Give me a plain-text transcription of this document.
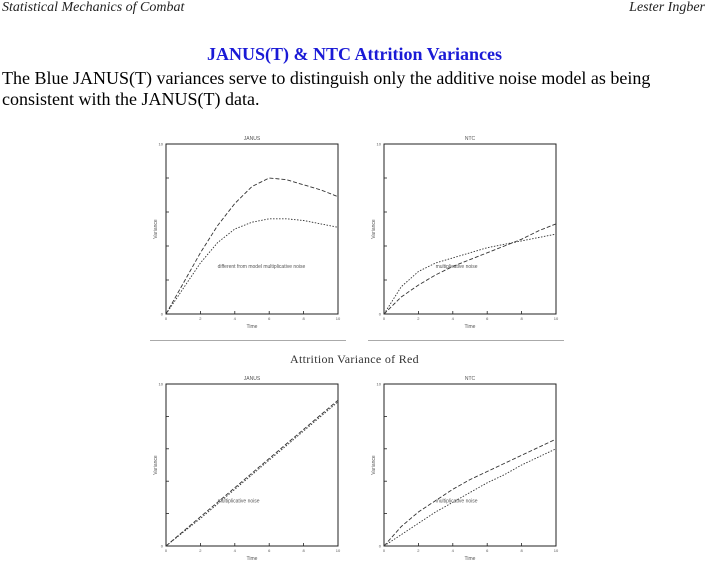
Statistical Mechanics of Combat	Lester Ingber
JANUS(T) & NTC Attrition Variances
The Blue JANUS(T) variances serve to distinguish only the additive noise model as being consistent with the JANUS(T) data.
0
0
2	4	6	8	10
10
JANUS
Time
Variance
different from model multiplicative noise
0
0
2	4	6	8	10
10
NTC
Time
Variance
multiplicative noise
Attrition Variance of Red
0
0
2	4	6	8	10
10
JANUS
Time
Variance
multiplicative noise
0
0
2	4	6	8	10
10
NTC
Time
Variance
multiplicative noise
